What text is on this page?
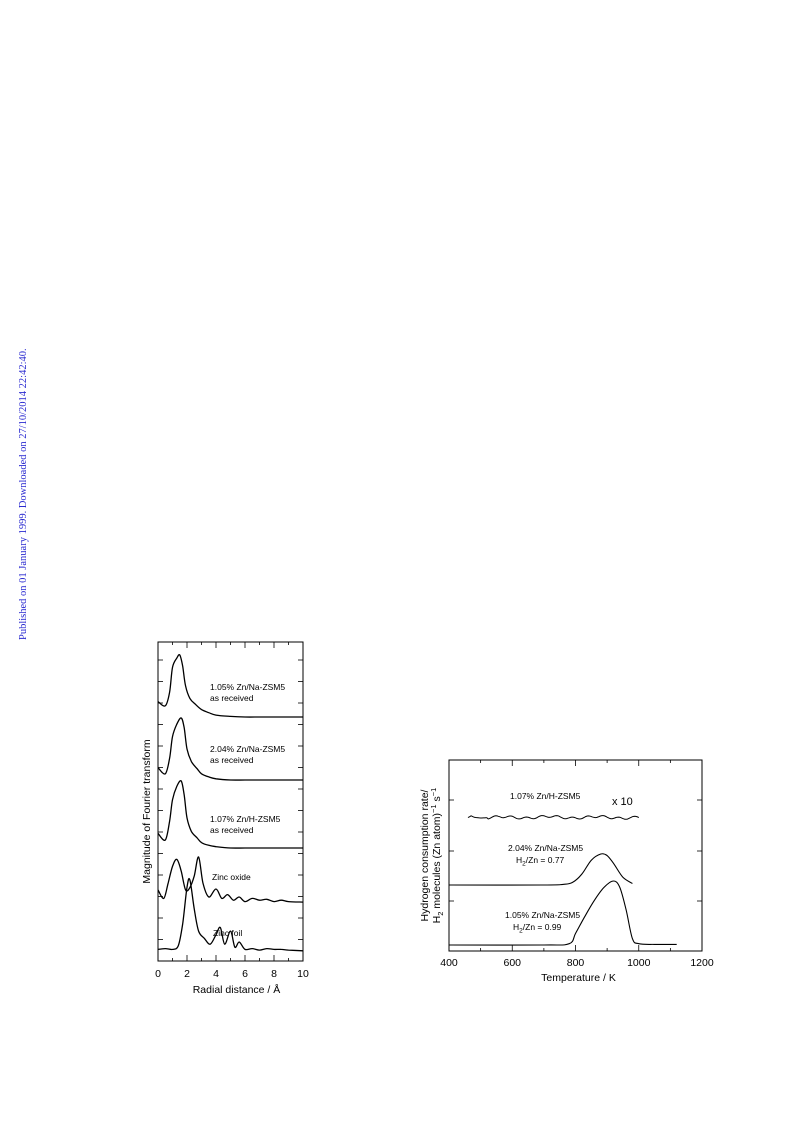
Published on 01 January 1999. Downloaded on 27/10/2014 22:42:40.
0 2 4 6 8 10
Radial distance / Å
Magnitude of Fourier transform
1.05% Zn/Na-ZSM5
as received
2.04% Zn/Na-ZSM5
as received
1.07% Zn/H-ZSM5
as received
Zinc oxide
Zinc foil
400	600	800	1000	1200
Temperature / K
Hydrogen consumption rate/ $H_2$ molecules (Zn atom)$^{-1}$ $s^{-1}$	1.07% Zn/H-ZSM5
2.04% Zn/Na-ZSM5
$H_2/Zn = 0.77$
1.05% Zn/Na-ZSM5
$H_2/Zn = 0.99$
x 10
